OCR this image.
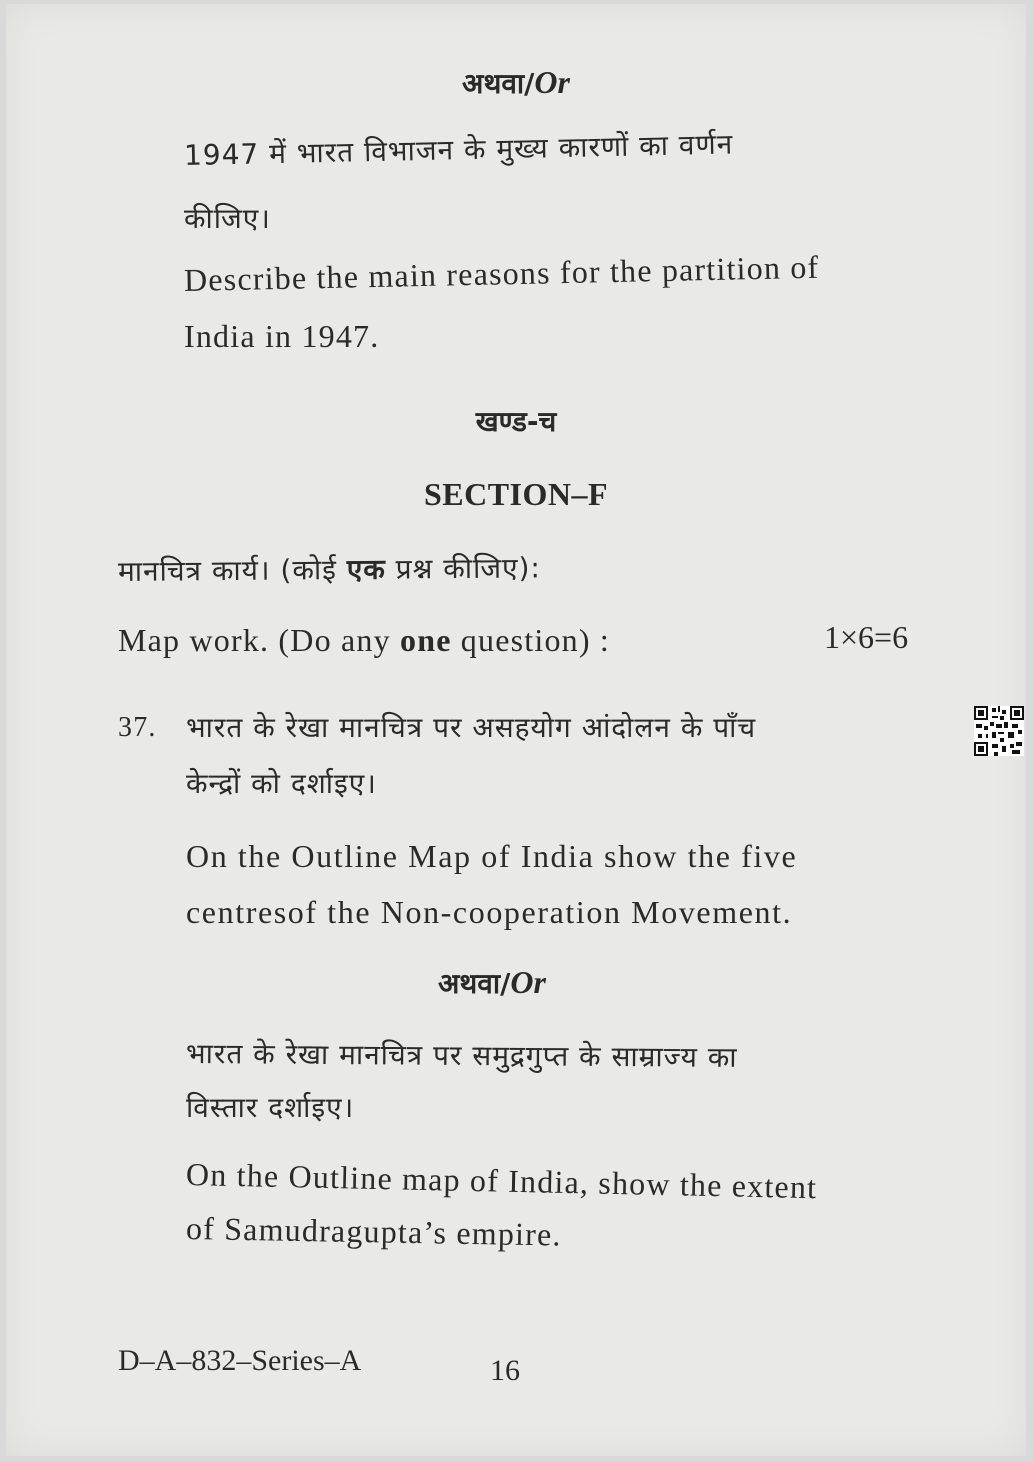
अथवा/Or
1947 में भारत विभाजन के मुख्य कारणों का वर्णन
कीजिए।
Describe the main reasons for the partition of
India in 1947.
खण्ड-च
SECTION–F
मानचित्र कार्य। (कोई एक प्रश्न कीजिए):
Map work. (Do any one question) :	1×6=6
37. भारत के रेखा मानचित्र पर असहयोग आंदोलन के पाँच
केन्द्रों को दर्शाइए।
On the Outline Map of India show the five
centresof the Non-cooperation Movement.
अथवा/Or
भारत के रेखा मानचित्र पर समुद्रगुप्त के साम्राज्य का
विस्तार दर्शाइए।
On the Outline map of India, show the extent
of Samudragupta’s empire.
D–A–832–Series–A	16
